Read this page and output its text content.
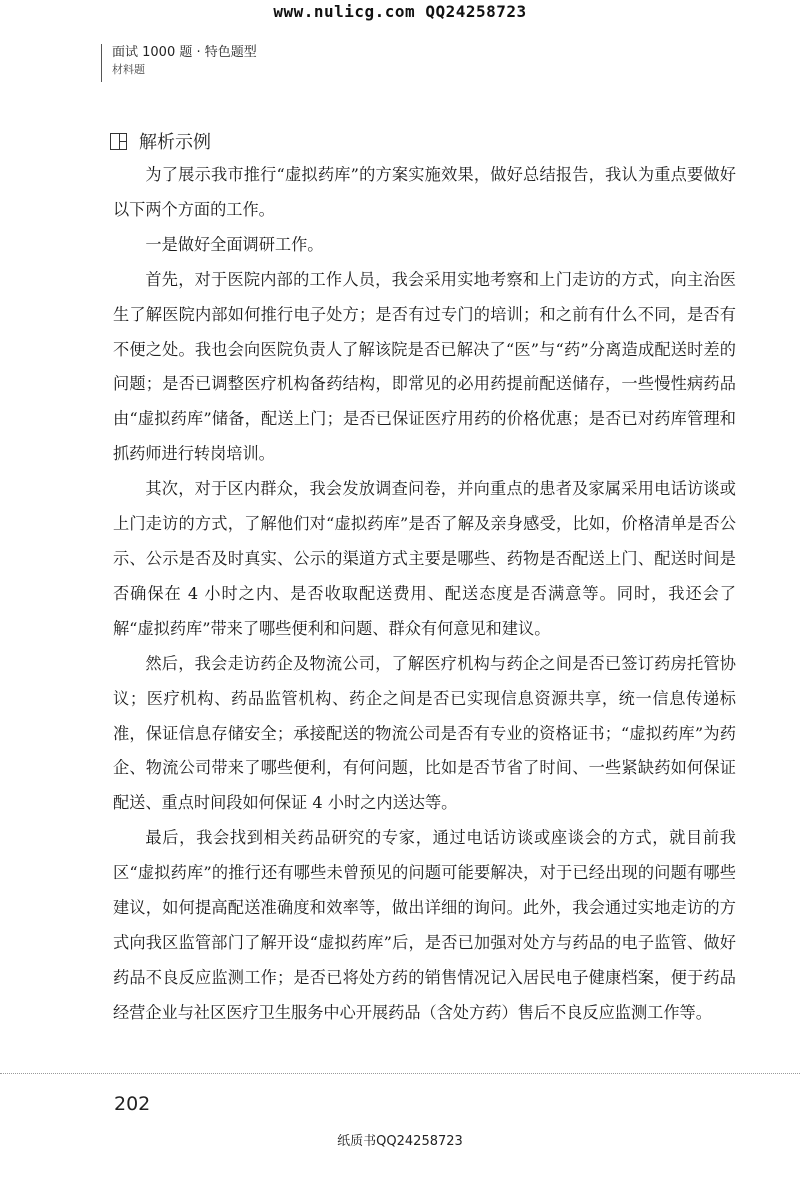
www.nulicg.com QQ24258723
面试 1000 题 · 特色题型
材料题
解析示例

为了展示我市推行“虚拟药库”的方案实施效果，做好总结报告，我认为重点要做好以下两个方面的工作。

一是做好全面调研工作。

首先，对于医院内部的工作人员，我会采用实地考察和上门走访的方式，向主治医生了解医院内部如何推行电子处方；是否有过专门的培训；和之前有什么不同，是否有不便之处。我也会向医院负责人了解该院是否已解决了“医”与“药”分离造成配送时差的问题；是否已调整医疗机构备药结构，即常见的必用药提前配送储存，一些慢性病药品由“虚拟药库”储备，配送上门；是否已保证医疗用药的价格优惠；是否已对药库管理和抓药师进行转岗培训。

其次，对于区内群众，我会发放调查问卷，并向重点的患者及家属采用电话访谈或上门走访的方式，了解他们对“虚拟药库”是否了解及亲身感受，比如，价格清单是否公示、公示是否及时真实、公示的渠道方式主要是哪些、药物是否配送上门、配送时间是否确保在 4 小时之内、是否收取配送费用、配送态度是否满意等。同时，我还会了解“虚拟药库”带来了哪些便利和问题、群众有何意见和建议。

然后，我会走访药企及物流公司，了解医疗机构与药企之间是否已签订药房托管协议；医疗机构、药品监管机构、药企之间是否已实现信息资源共享，统一信息传递标准，保证信息存储安全；承接配送的物流公司是否有专业的资格证书；“虚拟药库”为药企、物流公司带来了哪些便利，有何问题，比如是否节省了时间、一些紧缺药如何保证配送、重点时间段如何保证 4 小时之内送达等。

最后，我会找到相关药品研究的专家，通过电话访谈或座谈会的方式，就目前我区“虚拟药库”的推行还有哪些未曾预见的问题可能要解决，对于已经出现的问题有哪些建议，如何提高配送准确度和效率等，做出详细的询问。此外，我会通过实地走访的方式向我区监管部门了解开设“虚拟药库”后，是否已加强对处方与药品的电子监管、做好药品不良反应监测工作；是否已将处方药的销售情况记入居民电子健康档案，便于药品经营企业与社区医疗卫生服务中心开展药品（含处方药）售后不良反应监测工作等。

202
纸质书QQ24258723
